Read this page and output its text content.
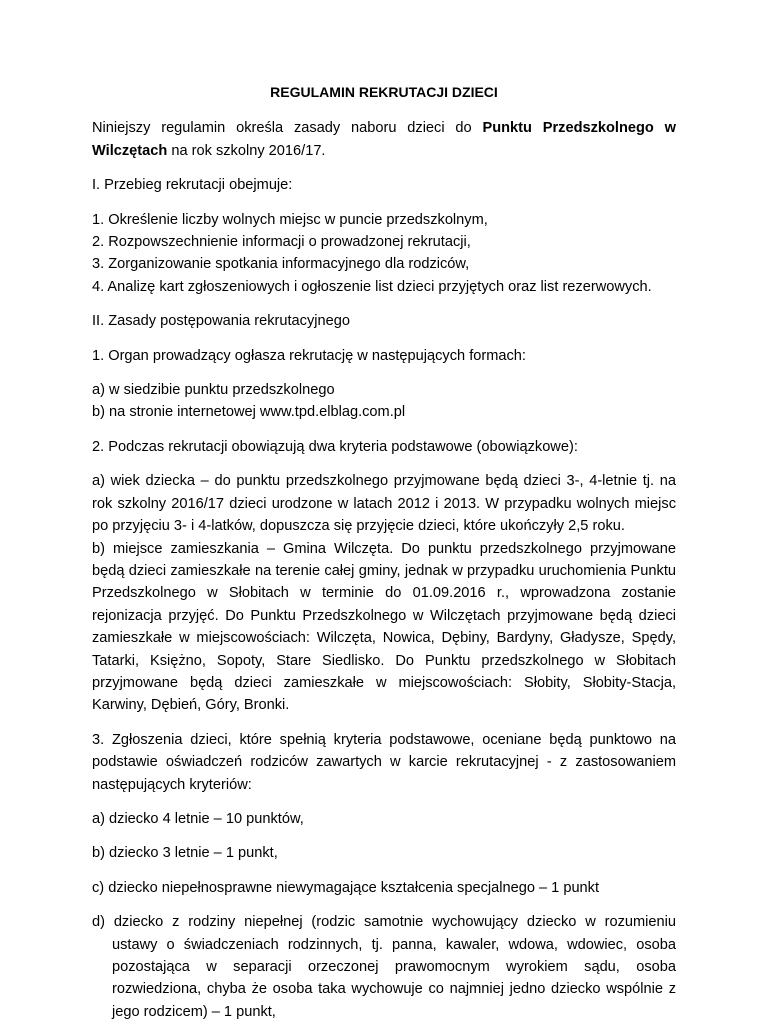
REGULAMIN REKRUTACJI DZIECI

Niniejszy regulamin określa zasady naboru dzieci do Punktu Przedszkolnego w Wilczętach na rok szkolny 2016/17.

I. Przebieg rekrutacji obejmuje:

1. Określenie liczby wolnych miejsc w puncie przedszkolnym,
2. Rozpowszechnienie informacji o prowadzonej rekrutacji,
3. Zorganizowanie spotkania informacyjnego dla rodziców,
4. Analizę kart zgłoszeniowych i ogłoszenie list dzieci przyjętych oraz list rezerwowych.

II. Zasady postępowania rekrutacyjnego

1. Organ prowadzący ogłasza rekrutację w następujących formach:

a) w siedzibie punktu przedszkolnego
b) na stronie internetowej www.tpd.elblag.com.pl

2. Podczas rekrutacji obowiązują dwa kryteria podstawowe (obowiązkowe):

a) wiek dziecka – do punktu przedszkolnego przyjmowane będą dzieci 3-, 4-letnie tj. na rok szkolny 2016/17 dzieci urodzone w latach 2012 i 2013. W przypadku wolnych miejsc po przyjęciu 3- i 4-latków, dopuszcza się przyjęcie dzieci, które ukończyły 2,5 roku.
b) miejsce zamieszkania – Gmina Wilczęta. Do punktu przedszkolnego przyjmowane będą dzieci zamieszkałe na terenie całej gminy, jednak w przypadku uruchomienia Punktu Przedszkolnego w Słobitach w terminie do 01.09.2016 r., wprowadzona zostanie rejonizacja przyjęć. Do Punktu Przedszkolnego w Wilczętach przyjmowane będą dzieci zamieszkałe w miejscowościach: Wilczęta, Nowica, Dębiny, Bardyny, Gładysze, Spędy, Tatarki, Księżno, Sopoty, Stare Siedlisko. Do Punktu przedszkolnego w Słobitach przyjmowane będą dzieci zamieszkałe w miejscowościach: Słobity, Słobity-Stacja, Karwiny, Dębień, Góry, Bronki.

3. Zgłoszenia dzieci, które spełnią kryteria podstawowe, oceniane będą punktowo na podstawie oświadczeń rodziców zawartych w karcie rekrutacyjnej - z zastosowaniem następujących kryteriów:

a) dziecko 4 letnie – 10 punktów,

b) dziecko 3 letnie – 1 punkt,

c) dziecko niepełnosprawne niewymagające kształcenia specjalnego – 1 punkt

d) dziecko z rodziny niepełnej (rodzic samotnie wychowujący dziecko w rozumieniu ustawy o świadczeniach rodzinnych, tj. panna, kawaler, wdowa, wdowiec, osoba pozostająca w separacji orzeczonej prawomocnym wyrokiem sądu, osoba rozwiedziona, chyba że osoba taka wychowuje co najmniej jedno dziecko wspólnie z jego rodzicem) – 1 punkt,
